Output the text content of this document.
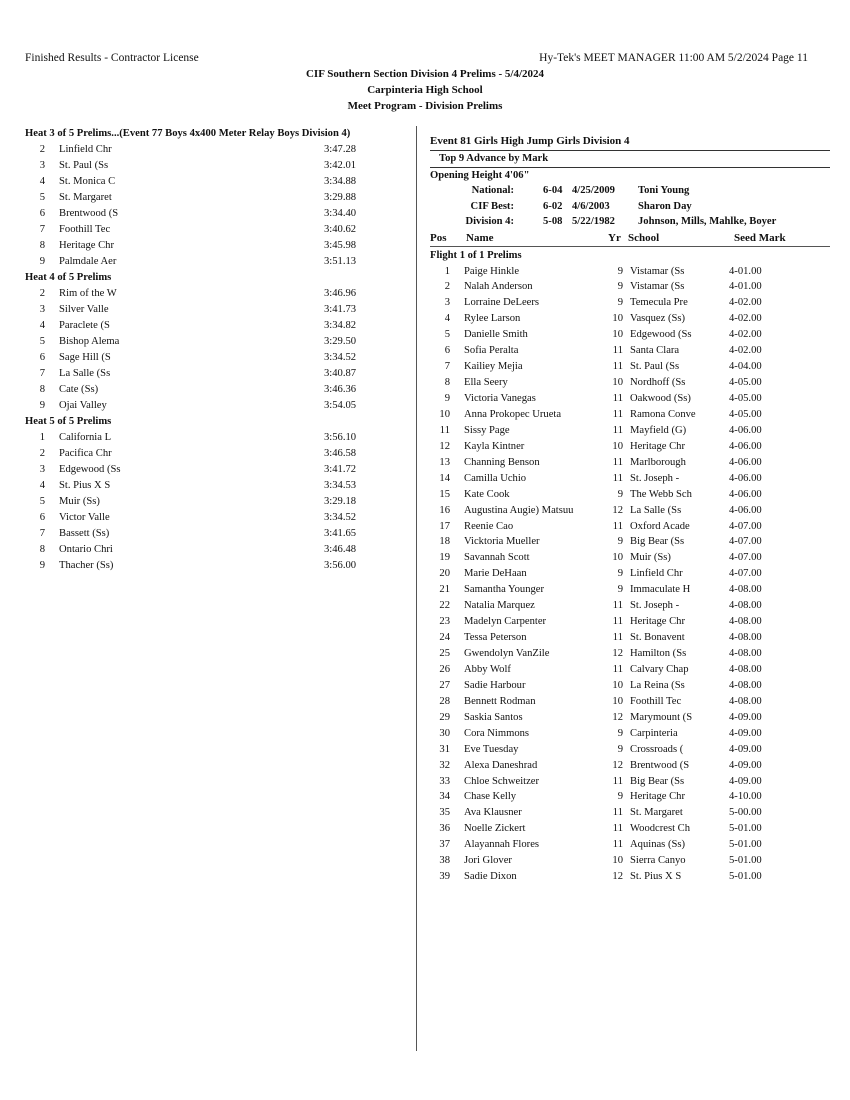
Finished Results - Contractor License	Hy-Tek's MEET MANAGER 11:00 AM 5/2/2024 Page 11
CIF Southern Section Division 4 Prelims - 5/4/2024
Carpinteria High School
Meet Program - Division Prelims
Heat 3 of 5 Prelims...(Event 77 Boys 4x400 Meter Relay Boys Division 4)
2 Linfield Chr	3:47.28
3 St. Paul (Ss	3:42.01
4 St. Monica C	3:34.88
5 St. Margaret	3:29.88
6 Brentwood (S	3:34.40
7 Foothill Tec	3:40.62
8 Heritage Chr	3:45.98
9 Palmdale Aer	3:51.13
Heat 4 of 5 Prelims
2 Rim of the W	3:46.96
3 Silver Valle	3:41.73
4 Paraclete (S	3:34.82
5 Bishop Alema	3:29.50
6 Sage Hill (S	3:34.52
7 La Salle (Ss	3:40.87
8 Cate (Ss)	3:46.36
9 Ojai Valley	3:54.05
Heat 5 of 5 Prelims
1 California L	3:56.10
2 Pacifica Chr	3:46.58
3 Edgewood (Ss	3:41.72
4 St. Pius X S	3:34.53
5 Muir (Ss)	3:29.18
6 Victor Valle	3:34.52
7 Bassett (Ss)	3:41.65
8 Ontario Chri	3:46.48
9 Thacher (Ss)	3:56.00
Event 81 Girls High Jump Girls Division 4
Top 9 Advance by Mark
Opening Height 4'06"
National:	6-04 4/25/2009 Toni Young
CIF Best:	6-02 4/6/2003	Sharon Day
Division 4:	5-08 5/22/1982 Johnson, Mills, Mahlke, Boyer
Pos Name	Yr School	Seed Mark
Flight 1 of 1 Prelims
1 Paige Hinkle	9 Vistamar (Ss	4-01.00
2 Nalah Anderson	9 Vistamar (Ss	4-01.00
3 Lorraine DeLeers	9 Temecula Pre	4-02.00
4 Rylee Larson	10 Vasquez (Ss)	4-02.00
5 Danielle Smith	10 Edgewood (Ss	4-02.00
6 Sofia Peralta	11 Santa Clara	4-02.00
7 Kailiey Mejia	11 St. Paul (Ss	4-04.00
8 Ella Seery	10 Nordhoff (Ss	4-05.00
9 Victoria Vanegas	11 Oakwood (Ss)	4-05.00
10 Anna Prokopec Urueta	11 Ramona Conve	4-05.00
11 Sissy Page	11 Mayfield (G)	4-06.00
12 Kayla Kintner	10 Heritage Chr	4-06.00
13 Channing Benson	11 Marlborough	4-06.00
14 Camilla Uchio	11 St. Joseph -	4-06.00
15 Kate Cook	9 The Webb Sch	4-06.00
16 Augustina Augie) Matsuu	12 La Salle (Ss	4-06.00
17 Reenie Cao	11 Oxford Acade	4-07.00
18 Vicktoria Mueller	9 Big Bear (Ss	4-07.00
19 Savannah Scott	10 Muir (Ss)	4-07.00
20 Marie DeHaan	9 Linfield Chr	4-07.00
21 Samantha Younger	9 Immaculate H	4-08.00
22 Natalia Marquez	11 St. Joseph -	4-08.00
23 Madelyn Carpenter	11 Heritage Chr	4-08.00
24 Tessa Peterson	11 St. Bonavent	4-08.00
25 Gwendolyn VanZile	12 Hamilton (Ss	4-08.00
26 Abby Wolf	11 Calvary Chap	4-08.00
27 Sadie Harbour	10 La Reina (Ss	4-08.00
28 Bennett Rodman	10 Foothill Tec	4-08.00
29 Saskia Santos	12 Marymount (S	4-09.00
30 Cora Nimmons	9 Carpinteria	4-09.00
31 Eve Tuesday	9 Crossroads (	4-09.00
32 Alexa Daneshrad	12 Brentwood (S	4-09.00
33 Chloe Schweitzer	11 Big Bear (Ss	4-09.00
34 Chase Kelly	9 Heritage Chr	4-10.00
35 Ava Klausner	11 St. Margaret	5-00.00
36 Noelle Zickert	11 Woodcrest Ch	5-01.00
37 Alayannah Flores	11 Aquinas (Ss)	5-01.00
38 Jori Glover	10 Sierra Canyo	5-01.00
39 Sadie Dixon	12 St. Pius X S	5-01.00
